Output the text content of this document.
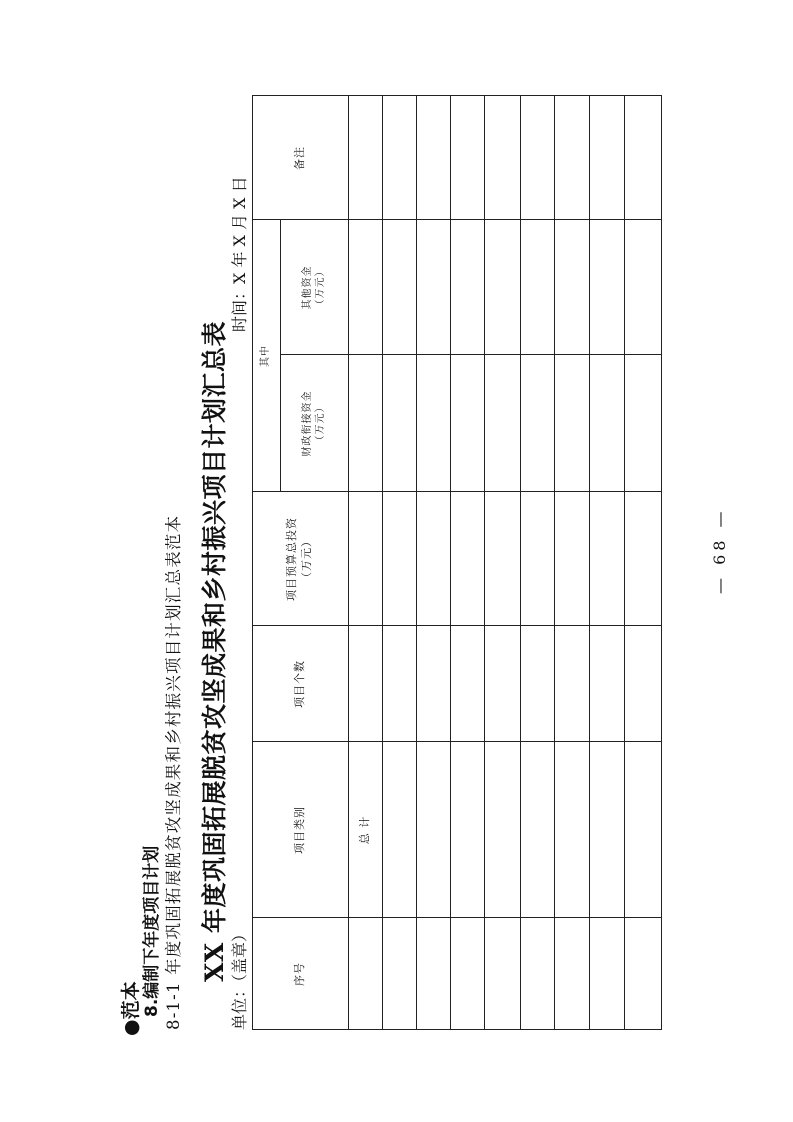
●范本 8.编制下年度项目计划 8-1-1 年度巩固拓展脱贫攻坚成果和乡村振兴项目计划汇总表范本 XX 年度巩固拓展脱贫攻坚成果和乡村振兴项目计划汇总表 单位：（盖章）
时间：X 年 X 月 X 日
序号
项目类别
项目个数
项目预算总投资 （万元）
其中
财政衔接资金 （万元）
其他资金 （万元）
备注
总 计
— 68 —
